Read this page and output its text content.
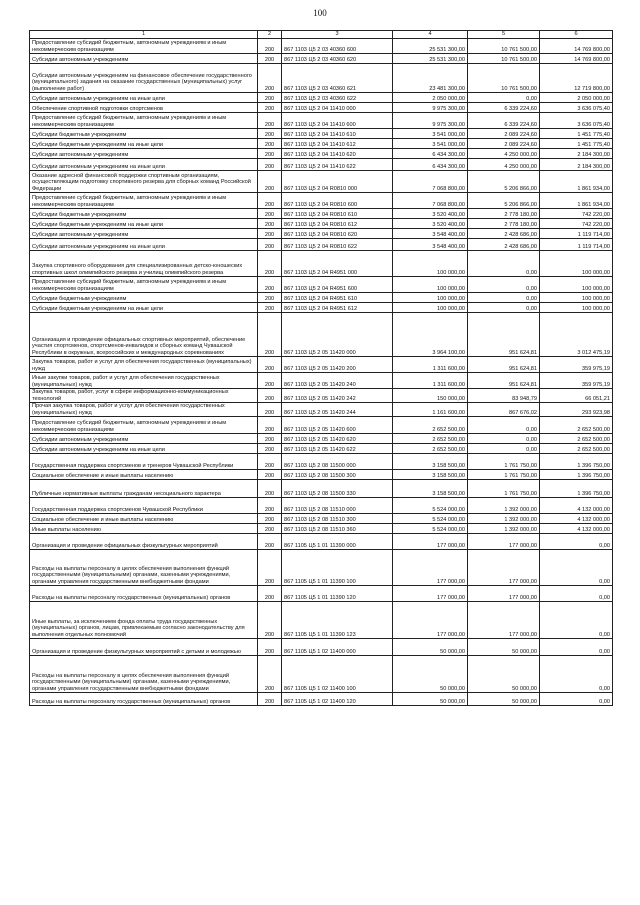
100
1	2	3	4	5	6
Предоставление субсидий бюджетным, автономным учреждениям и иным некоммерческим организациям	200	867 1103 Ц5 2 03 40360 600	25 531 300,00	10 761 500,00	14 769 800,00
Субсидии автономным учреждениям	200	867 1103 Ц5 2 03 40360 620	25 531 300,00	10 761 500,00	14 769 800,00
Субсидии автономным учреждениям на финансовое обеспечение государственного (муниципального) задания на оказание государственных (муниципальных) услуг (выполнение работ)	200	867 1103 Ц5 2 03 40360 621	23 481 300,00	10 761 500,00	12 719 800,00
Субсидии автономным учреждениям на иные цели	200	867 1103 Ц5 2 03 40360 622	2 050 000,00	0,00	2 050 000,00
Обеспечение спортивной подготовки спортсменов	200	867 1103 Ц5 2 04 11410 000	9 975 300,00	6 339 224,60	3 636 075,40
Предоставление субсидий бюджетным, автономным учреждениям и иным некоммерческим организациям	200	867 1103 Ц5 2 04 11410 600	9 975 300,00	6 339 224,60	3 636 075,40
Субсидии бюджетным учреждениям	200	867 1103 Ц5 2 04 11410 610	3 541 000,00	2 089 224,60	1 451 775,40
Субсидии бюджетным учреждениям на иные цели	200	867 1103 Ц5 2 04 11410 612	3 541 000,00	2 089 224,60	1 451 775,40
Субсидии автономным учреждениям	200	867 1103 Ц5 2 04 11410 620	6 434 300,00	4 250 000,00	2 184 300,00
Субсидии автономным учреждениям на иные цели	200	867 1103 Ц5 2 04 11410 622	6 434 300,00	4 250 000,00	2 184 300,00
Оказание адресной финансовой поддержки спортивным организациям, осуществляющим подготовку спортивного резерва для сборных команд Российской Федерации	200	867 1103 Ц5 2 04 R0810 000	7 068 800,00	5 206 866,00	1 861 934,00
Предоставление субсидий бюджетным, автономным учреждениям и иным некоммерческим организациям	200	867 1103 Ц5 2 04 R0810 600	7 068 800,00	5 206 866,00	1 861 934,00
Субсидии бюджетным учреждениям	200	867 1103 Ц5 2 04 R0810 610	3 520 400,00	2 778 180,00	742 220,00
Субсидии бюджетным учреждениям на иные цели	200	867 1103 Ц5 2 04 R0810 612	3 520 400,00	2 778 180,00	742 220,00
Субсидии автономным учреждениям	200	867 1103 Ц5 2 04 R0810 620	3 548 400,00	2 428 686,00	1 119 714,00
Субсидии автономным учреждениям на иные цели	200	867 1103 Ц5 2 04 R0810 622	3 548 400,00	2 428 686,00	1 119 714,00
Закупка спортивного оборудования для специализированных детско-юношеских спортивных школ олимпийского резерва и училищ олимпийского резерва	200	867 1103 Ц5 2 04 R4951 000	100 000,00	0,00	100 000,00
Предоставление субсидий бюджетным, автономным учреждениям и иным некоммерческим организациям	200	867 1103 Ц5 2 04 R4951 600	100 000,00	0,00	100 000,00
Субсидии бюджетным учреждениям	200	867 1103 Ц5 2 04 R4951 610	100 000,00	0,00	100 000,00
Субсидии бюджетным учреждениям на иные цели	200	867 1103 Ц5 2 04 R4951 612	100 000,00	0,00	100 000,00
Организация и проведение официальных спортивных мероприятий, обеспечение участия спортсменов, спортсменов-инвалидов и сборных команд Чувашской Республики в окружных, всероссийских и международных соревнованиях	200	867 1103 Ц5 2 05 11420 000	3 964 100,00	951 624,81	3 012 475,19
Закупка товаров, работ и услуг для обеспечения государственных (муниципальных) нужд	200	867 1103 Ц5 2 05 11420 200	1 311 600,00	951 624,81	359 975,19
Иные закупки товаров, работ и услуг для обеспечения государственных (муниципальных) нужд	200	867 1103 Ц5 2 05 11420 240	1 311 600,00	951 624,81	359 975,19
Закупка товаров, работ, услуг в сфере информационно-коммуникационных технологий	200	867 1103 Ц5 2 05 11420 242	150 000,00	83 948,79	66 051,21
Прочая закупка товаров, работ и услуг для обеспечения государственных (муниципальных) нужд	200	867 1103 Ц5 2 05 11420 244	1 161 600,00	867 676,02	293 923,98
Предоставление субсидий бюджетным, автономным учреждениям и иным некоммерческим организациям	200	867 1103 Ц5 2 05 11420 600	2 652 500,00	0,00	2 652 500,00
Субсидии автономным учреждениям	200	867 1103 Ц5 2 05 11420 620	2 652 500,00	0,00	2 652 500,00
Субсидии автономным учреждениям на иные цели	200	867 1103 Ц5 2 05 11420 622	2 652 500,00	0,00	2 652 500,00
Государственная поддержка спортсменов и тренеров Чувашской Республики	200	867 1103 Ц5 2 08 11500 000	3 158 500,00	1 761 750,00	1 396 750,00
Социальное обеспечение и иные выплаты населению	200	867 1103 Ц5 2 08 11500 300	3 158 500,00	1 761 750,00	1 396 750,00
Публичные нормативные выплаты гражданам несоциального характера	200	867 1103 Ц5 2 08 11500 330	3 158 500,00	1 761 750,00	1 396 750,00
Государственная поддержка спортсменов Чувашской Республики	200	867 1103 Ц5 2 08 11510 000	5 524 000,00	1 392 000,00	4 132 000,00
Социальное обеспечение и иные выплаты населению	200	867 1103 Ц5 2 08 11510 300	5 524 000,00	1 392 000,00	4 132 000,00
Иные выплаты населению	200	867 1103 Ц5 2 08 11510 360	5 524 000,00	1 392 000,00	4 132 000,00
Организация и проведение официальных физкультурных мероприятий	200	867 1105 Ц5 1 01 11390 000	177 000,00	177 000,00	0,00
Расходы на выплаты персоналу в целях обеспечения выполнения функций государственными (муниципальными) органами, казенными учреждениями, органами управления государственными внебюджетными фондами	200	867 1105 Ц5 1 01 11390 100	177 000,00	177 000,00	0,00
Расходы на выплаты персоналу государственных (муниципальных) органов	200	867 1105 Ц5 1 01 11390 120	177 000,00	177 000,00	0,00
Иные выплаты, за исключением фонда оплаты труда государственных (муниципальных) органов, лицам, привлекаемым согласно законодательству для выполнения отдельных полномочий	200	867 1105 Ц5 1 01 11390 123	177 000,00	177 000,00	0,00
Организация и проведение физкультурных мероприятий с детьми и молодежью	200	867 1105 Ц5 1 02 11400 000	50 000,00	50 000,00	0,00
Расходы на выплаты персоналу в целях обеспечения выполнения функций государственными (муниципальными) органами, казенными учреждениями, органами управления государственными внебюджетными фондами	200	867 1105 Ц5 1 02 11400 100	50 000,00	50 000,00	0,00
Расходы на выплаты персоналу государственных (муниципальных) органов	200	867 1105 Ц5 1 02 11400 120	50 000,00	50 000,00	0,00
